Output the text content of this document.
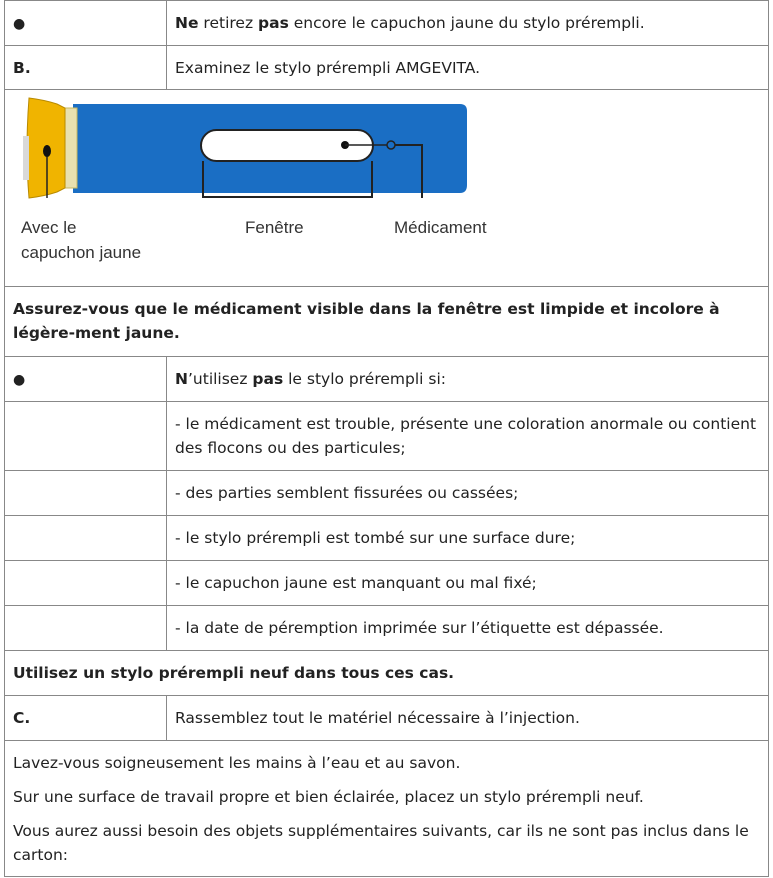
●	Ne retirez pas encore le capuchon jaune du stylo prérempli.
B.	Examinez le stylo prérempli AMGEVITA.

Avec le
capuchon jaune
Fenêtre Médicament	

Assurez-vous que le médicament visible dans la fenêtre est limpide et incolore à légère-ment jaune.	
●	N’utilisez pas le stylo prérempli si:
	- le médicament est trouble, présente une coloration anormale ou contient des flocons ou des particules;
	- des parties semblent fissurées ou cassées;
	- le stylo prérempli est tombé sur une surface dure;
	- le capuchon jaune est manquant ou mal fixé;
	- la date de péremption imprimée sur l’étiquette est dépassée.
Utilisez un stylo prérempli neuf dans tous ces cas.	
C.	Rassemblez tout le matériel nécessaire à l’injection.

Lavez-vous soigneusement les mains à l’eau et au savon.

Sur une surface de travail propre et bien éclairée, placez un stylo prérempli neuf.

Vous aurez aussi besoin des objets supplémentaires suivants, car ils ne sont pas inclus dans le carton:	
